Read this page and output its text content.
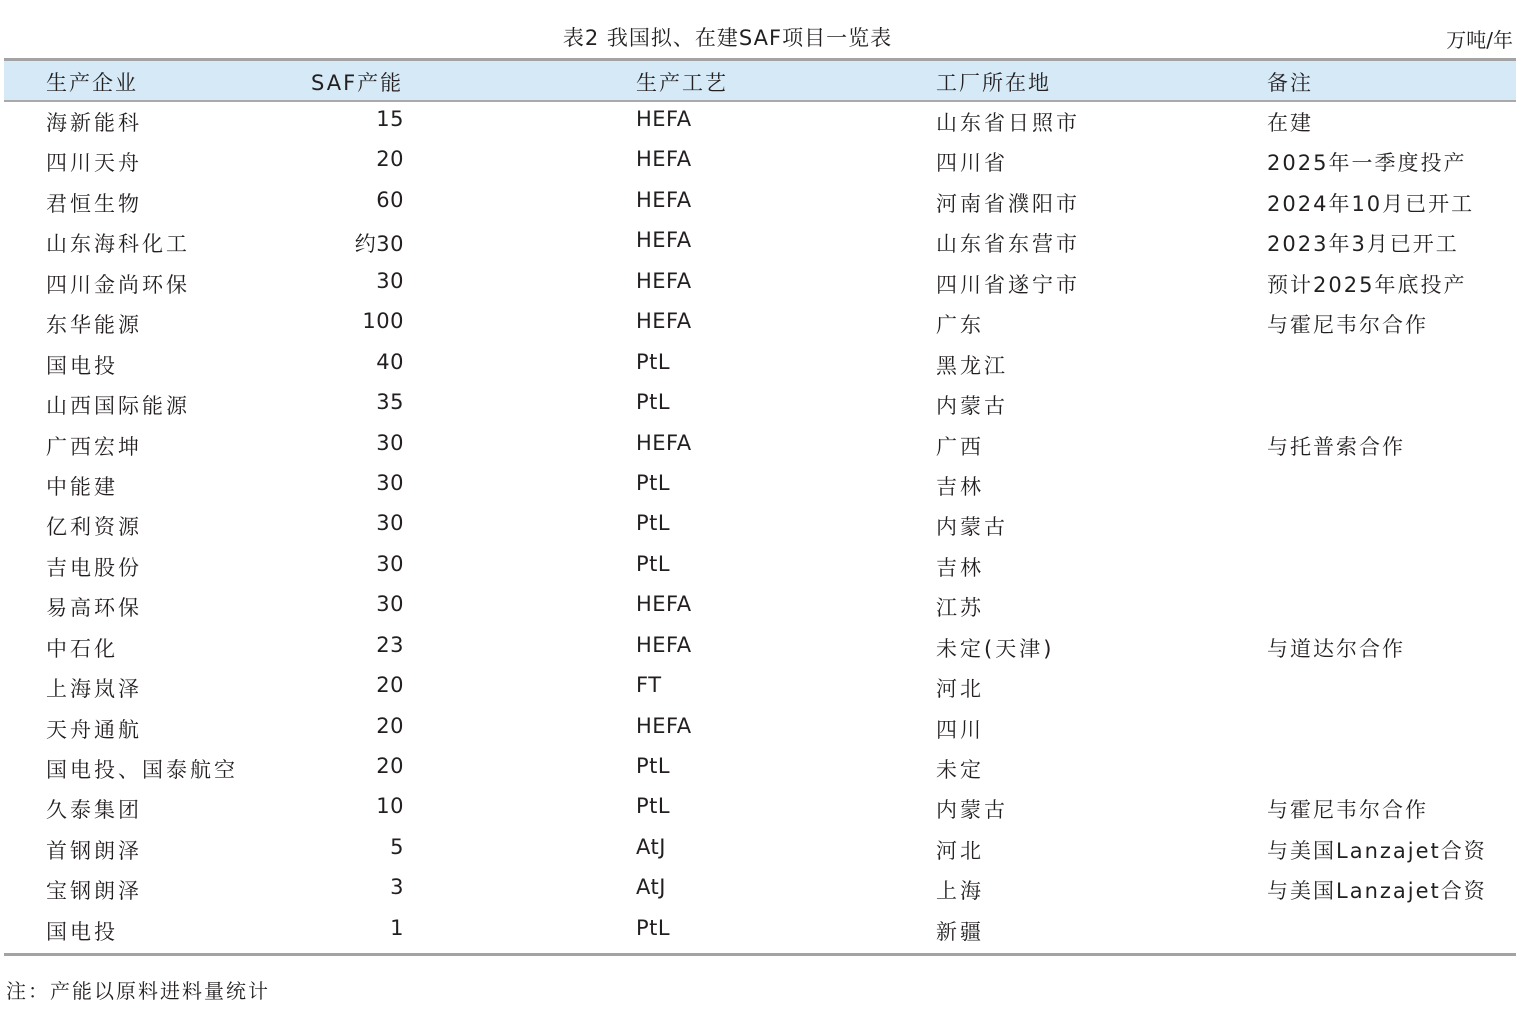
表2 我国拟、在建SAF项目一览表	万吨/年
生产企业	SAF产能	生产工艺	工厂所在地	备注
海新能科	15	HEFA	山东省日照市	在建
四川天舟	20	HEFA	四川省	2025年一季度投产
君恒生物	60	HEFA	河南省濮阳市	2024年10月已开工
山东海科化工	约30	HEFA	山东省东营市	2023年3月已开工
四川金尚环保	30	HEFA	四川省遂宁市	预计2025年底投产
东华能源	100	HEFA	广东	与霍尼韦尔合作
国电投	40	PtL	黑龙江
山西国际能源	35	PtL	内蒙古
广西宏坤	30	HEFA	广西	与托普索合作
中能建	30	PtL	吉林
亿利资源	30	PtL	内蒙古
吉电股份	30	PtL	吉林
易高环保	30	HEFA	江苏
中石化	23	HEFA	未定(天津)	与道达尔合作
上海岚泽	20	FT	河北
天舟通航	20	HEFA	四川
国电投、国泰航空	20	PtL	未定
久泰集团	10	PtL	内蒙古	与霍尼韦尔合作
首钢朗泽	5	AtJ	河北	与美国Lanzajet合资
宝钢朗泽	3	AtJ	上海	与美国Lanzajet合资
国电投	1	PtL	新疆
注：产能以原料进料量统计
